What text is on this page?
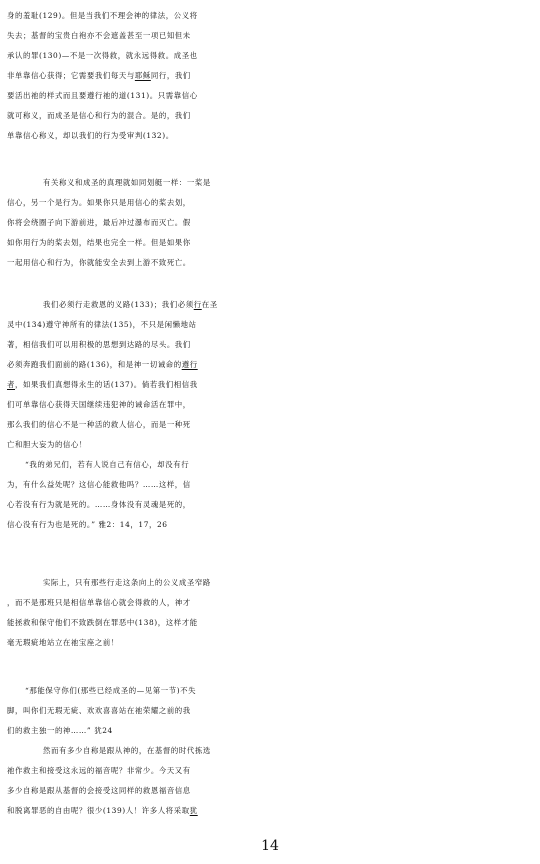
身的羞耻(129)。但是当我们不理会神的律法，公义将
失去；基督的宝贵白袍亦不会遮盖甚至一项已知但未
承认的罪(130)—不是一次得救，就永远得救。成圣也
非单靠信心获得；它需要我们每天与耶稣同行，我们
要活出祂的样式而且要遵行祂的道(131)。只需靠信心
就可称义，而成圣是信心和行为的混合。是的，我们
单靠信心称义，却以我们的行为受审判(132)。
有关称义和成圣的真理就如同划艇一样：一桨是
信心，另一个是行为。如果你只是用信心的桨去划，
你将会绕圈子向下游前进，最后冲过瀑布而灭亡。假
如你用行为的桨去划，结果也完全一样。但是如果你
一起用信心和行为，你就能安全去到上游不致死亡。
我们必须行走救恩的义路(133)；我们必须行在圣
灵中(134)遵守神所有的律法(135)，不只是闲懒地站
著，相信我们可以用积极的思想到达路的尽头。我们
必须奔跑我们面前的路(136)，和是神一切诫命的遵行
者，如果我们真想得永生的话(137)。倘若我们相信我
们可单靠信心获得天国继续违犯神的诫命活在罪中，
那么我们的信心不是一种活的救人信心，而是一种死
亡和胆大妄为的信心！
“我的弟兄们，若有人说自己有信心，却没有行
为，有什么益处呢？这信心能救他吗？……这样，信
心若没有行为就是死的。……身体没有灵魂是死的，
信心没有行为也是死的。” 雅2：14，17，26
实际上，只有那些行走这条向上的公义成圣窄路
，而不是那班只是相信单靠信心就会得救的人，神才
能拯救和保守他们不致跌倒在罪恶中(138)，这样才能
毫无瑕疵地站立在祂宝座之前！
“那能保守你们(那些已经成圣的—见第一节)不失
脚，叫你们无瑕无疵、欢欢喜喜站在祂荣耀之前的我
们的救主独一的神……” 犹24
然而有多少自称是跟从神的，在基督的时代拣选
祂作救主和接受这永远的福音呢？非常少。今天又有
多少自称是跟从基督的会接受这同样的救恩福音信息
和脱离罪恶的自由呢？很少(139)人！许多人将采取犹
14
